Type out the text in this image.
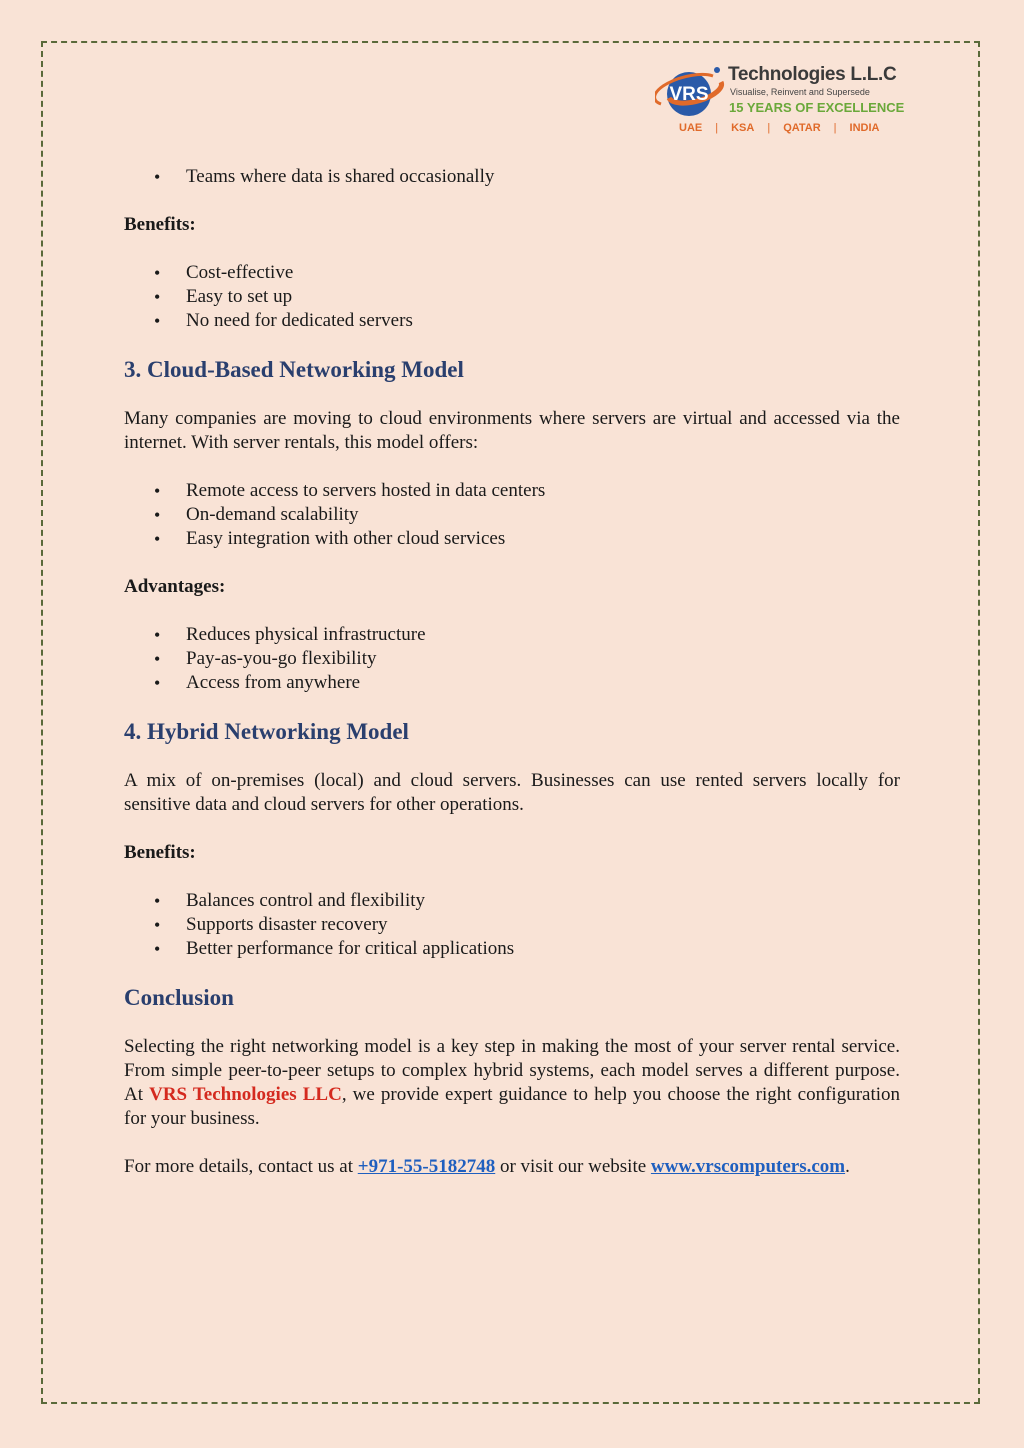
VRS
Technologies L.L.C
Visualise, Reinvent and Supersede
15 YEARS OF EXCELLENCE
UAE | KSA | QATAR | INDIA
• Teams where data is shared occasionally

Benefits:

• Cost-effective
• Easy to set up
• No need for dedicated servers
3. Cloud-Based Networking Model

Many companies are moving to cloud environments where servers are virtual and accessed via the internet. With server rentals, this model offers:

• Remote access to servers hosted in data centers
• On-demand scalability
• Easy integration with other cloud services

Advantages:

• Reduces physical infrastructure
• Pay-as-you-go flexibility
• Access from anywhere
4. Hybrid Networking Model

A mix of on-premises (local) and cloud servers. Businesses can use rented servers locally for sensitive data and cloud servers for other operations.

Benefits:

• Balances control and flexibility
• Supports disaster recovery
• Better performance for critical applications
Conclusion

Selecting the right networking model is a key step in making the most of your server rental service. From simple peer-to-peer setups to complex hybrid systems, each model serves a different purpose. At VRS Technologies LLC, we provide expert guidance to help you choose the right configuration for your business.

For more details, contact us at +971-55-5182748 or visit our website www.vrscomputers.com.
